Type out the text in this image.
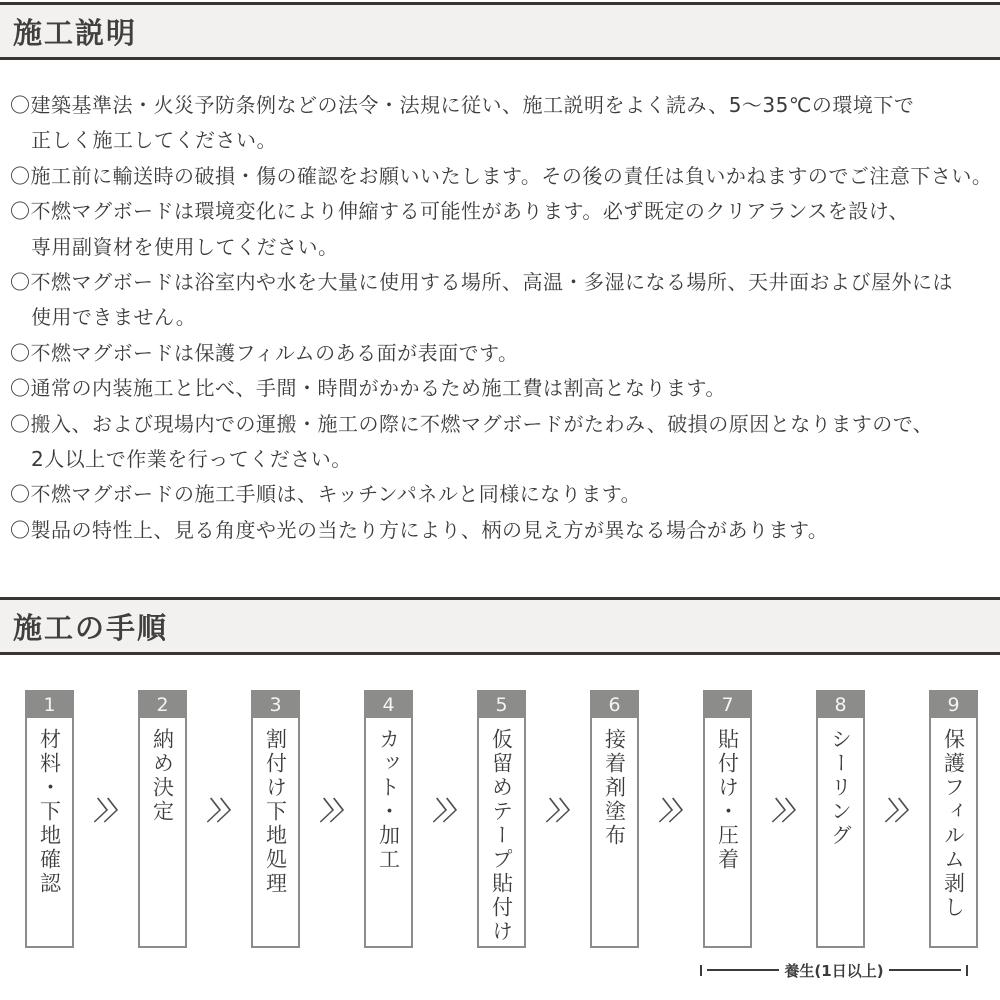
施工説明
〇建築基準法・火災予防条例などの法令・法規に従い、施工説明をよく読み、5〜35℃の環境下で
正しく施工してください。
〇施工前に輸送時の破損・傷の確認をお願いいたします。その後の責任は負いかねますのでご注意下さい。
〇不燃マグボードは環境変化により伸縮する可能性があります。必ず既定のクリアランスを設け、
専用副資材を使用してください。
〇不燃マグボードは浴室内や水を大量に使用する場所、高温・多湿になる場所、天井面および屋外には
使用できません。
〇不燃マグボードは保護フィルムのある面が表面です。
〇通常の内装施工と比べ、手間・時間がかかるため施工費は割高となります。
〇搬入、および現場内での運搬・施工の際に不燃マグボードがたわみ、破損の原因となりますので、
2人以上で作業を行ってください。
〇不燃マグボードの施工手順は、キッチンパネルと同様になります。
〇製品の特性上、見る角度や光の当たり方により、柄の見え方が異なる場合があります。
施工の手順
1
材料・下地確認
2
納め決定
3
割付け下地処理
4
カット・加工
5
仮留めテープ貼付け
6
接着剤塗布
7
貼付け・圧着
8
シーリング
9
保護フィルム剥し
養生(1日以上)
